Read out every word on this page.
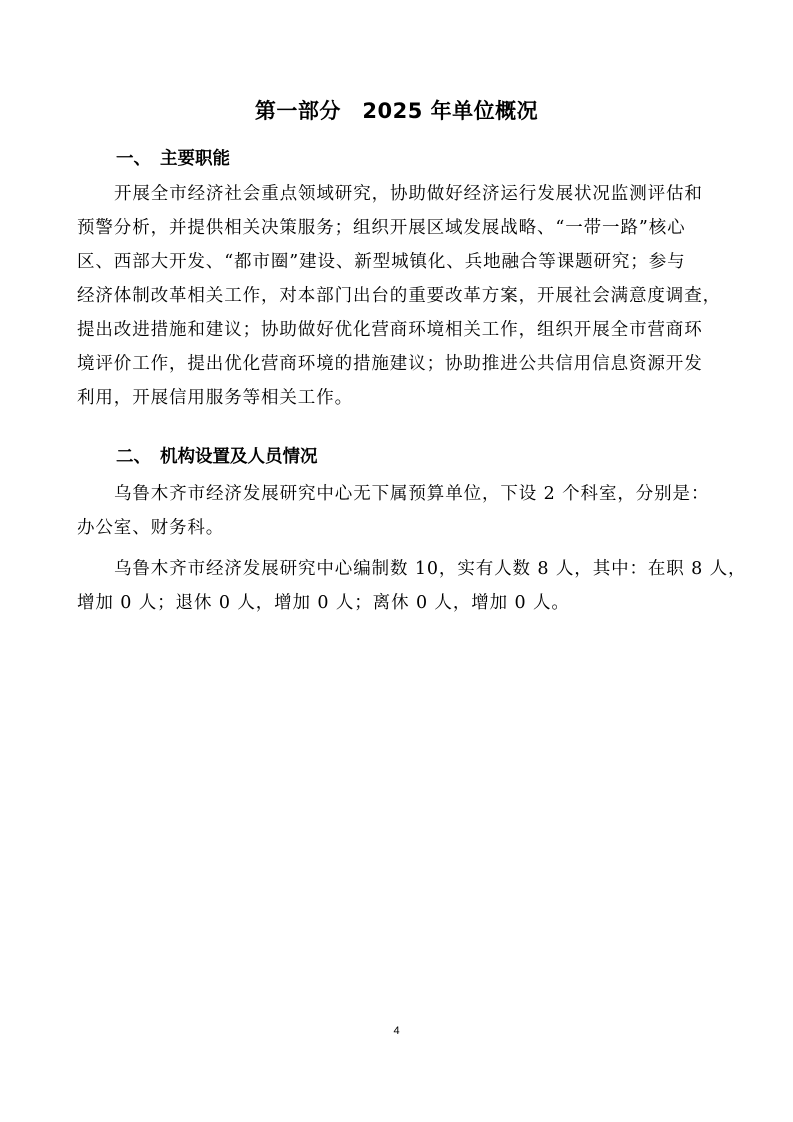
第一部分　2025 年单位概况
一、 主要职能
开展全市经济社会重点领域研究，协助做好经济运行发展状况监测评估和
预警分析，并提供相关决策服务；组织开展区域发展战略、“一带一路”核心
区、西部大开发、“都市圈”建设、新型城镇化、兵地融合等课题研究；参与
经济体制改革相关工作，对本部门出台的重要改革方案，开展社会满意度调查，
提出改进措施和建议；协助做好优化营商环境相关工作，组织开展全市营商环
境评价工作，提出优化营商环境的措施建议；协助推进公共信用信息资源开发
利用，开展信用服务等相关工作。
二、 机构设置及人员情况
乌鲁木齐市经济发展研究中心无下属预算单位，下设 2 个科室，分别是：
办公室、财务科。
乌鲁木齐市经济发展研究中心编制数 10，实有人数 8 人，其中：在职 8 人，
增加 0 人；退休 0 人，增加 0 人；离休 0 人，增加 0 人。
4
